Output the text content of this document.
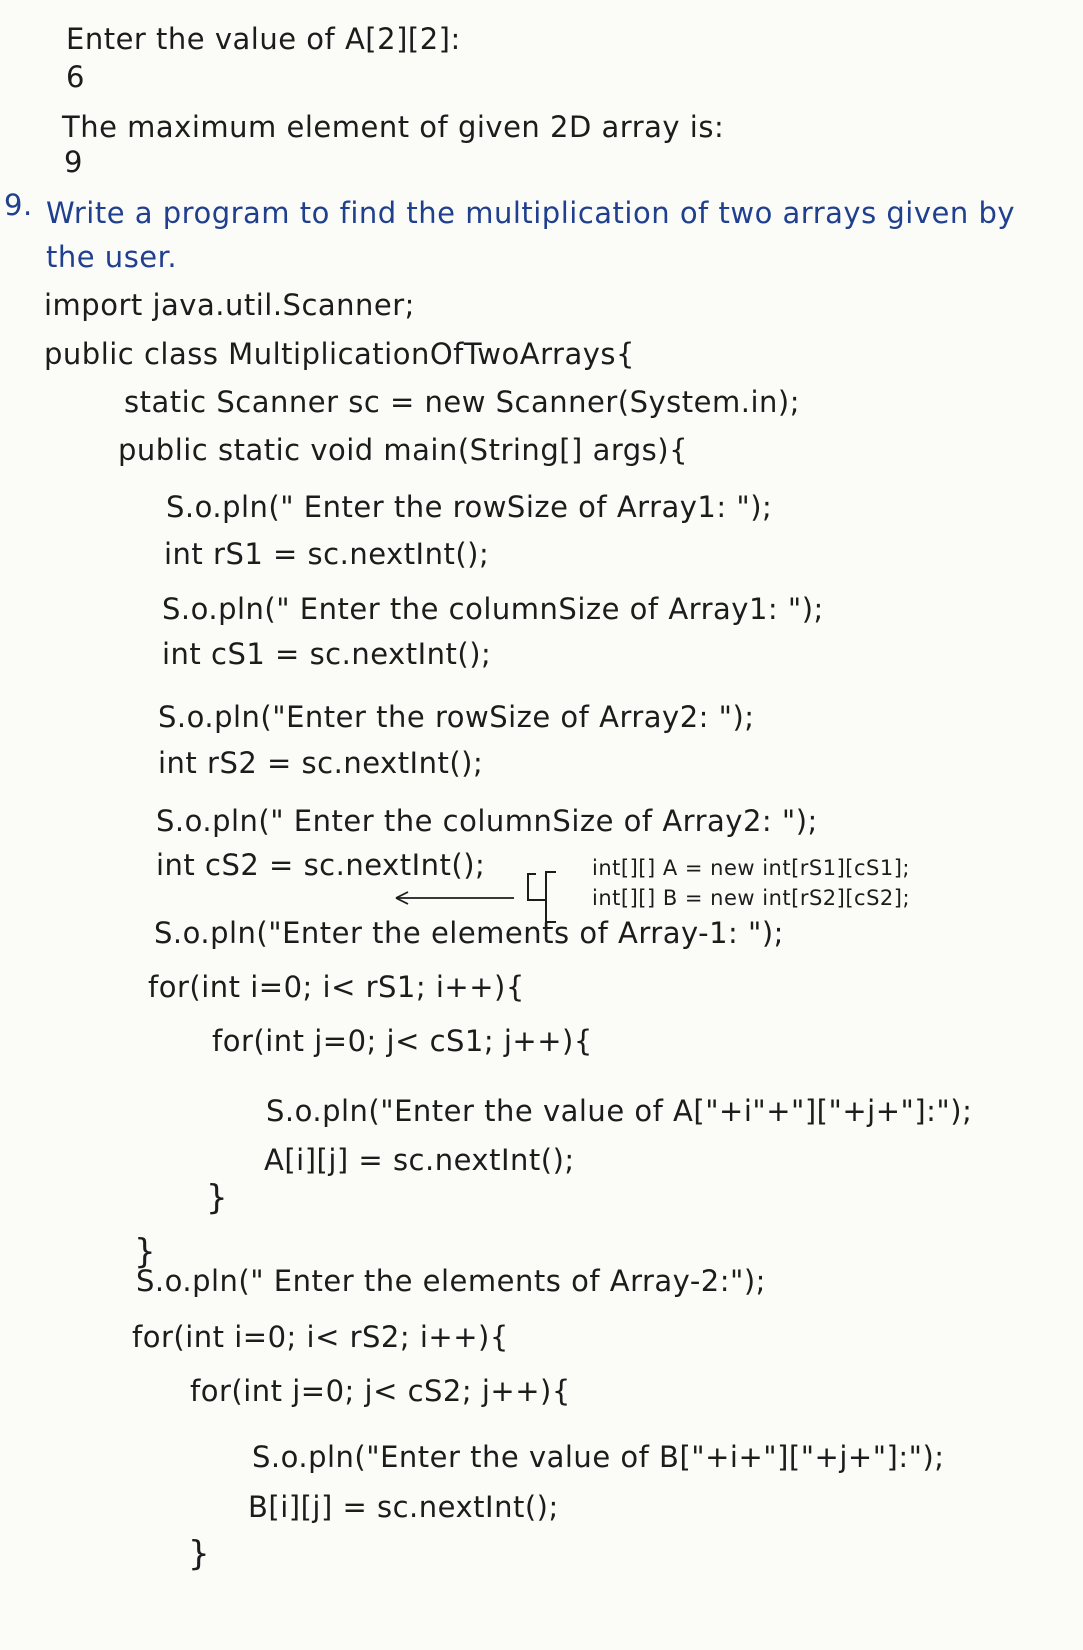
Enter the value of A[2][2]:
6
The maximum element of given 2D array is:
9
9. Write a program to find the multiplication of two arrays given by
the user.
import java.util.Scanner;
public class MultiplicationOfTwoArrays{
static Scanner sc = new Scanner(System.in);
public static void main(String[] args){
S.o.pln(" Enter the rowSize of Array1: ");
int rS1 = sc.nextInt();
S.o.pln(" Enter the columnSize of Array1: ");
int cS1 = sc.nextInt();
S.o.pln("Enter the rowSize of Array2: ");
int rS2 = sc.nextInt();
S.o.pln(" Enter the columnSize of Array2: ");
int cS2 = sc.nextInt();	int[][] A = new int[rS1][cS1];
int[][] B = new int[rS2][cS2];
S.o.pln("Enter the elements of Array-1: ");
for(int i=0; i< rS1; i++){
for(int j=0; j< cS1; j++){
S.o.pln("Enter the value of A["+i"+"]["+j+"]:");
A[i][j] = sc.nextInt();
}
}
S.o.pln(" Enter the elements of Array-2:");
for(int i=0; i< rS2; i++){
for(int j=0; j< cS2; j++){
S.o.pln("Enter the value of B["+i+"]["+j+"]:");
B[i][j] = sc.nextInt();
}
